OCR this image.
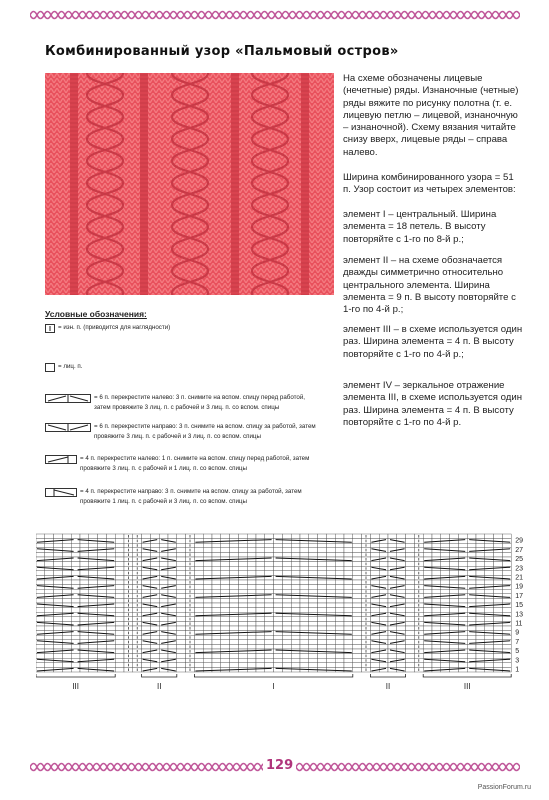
Комбинированный узор «Пальмовый остров»

На схеме обозначены лицевые (нечетные) ряды. Изнаночные (четные) ряды вяжите по рисунку полотна (т. е. лицевую петлю – лицевой, изнаночную – изнаночной). Схему вязания читайте снизу вверх, лицевые ряды – справа налево.

Ширина комбинированного узора = 51 п. Узор состоит из четырех элементов:

элемент I – центральный. Ширина элемента = 18 петель. В высоту повторяйте с 1-го по 8-й р.;

элемент II – на схеме обозначается дважды симметрично относительно центрального элемента. Ширина элемента = 9 п. В высоту повторяйте с 1-го по 4-й р.;

элемент III – в схеме используется один раз. Ширина элемента = 4 п. В высоту повторяйте с 1-го по 4-й р.;

элемент IV – зеркальное отражение элемента III, в схеме используется один раз. Ширина элемента = 4 п. В высоту повторяйте с 1-го по 4-й р.

Условные обозначения:
= изн. п. (приводится для наглядности)
= лиц. п.
= 6 п. перекрестите налево: 3 п. снимите на вспом. спицу перед работой,
затем провяжите 3 лиц. п. с рабочей и 3 лиц. п. со вспом. спицы
= 6 п. перекрестите направо: 3 п. снимите на вспом. спицу за работой, затем
провяжите 3 лиц. п. с рабочей и 3 лиц. п. со вспом. спицы
= 4 п. перекрестите налево: 1 п. снимите на вспом. спицу перед работой, затем
провяжите 3 лиц. п. с рабочей и 1 лиц. п. со вспом. спицы
= 4 п. перекрестите направо: 3 п. снимите на вспом. спицу за работой, затем
провяжите 1 лиц. п. с рабочей и 3 лиц. п. со вспом. спицы
29
27
25
23
21
19
17
15
13
11
9
7
5
3
1
III	II	I	II	III
129
PassionForum.ru
